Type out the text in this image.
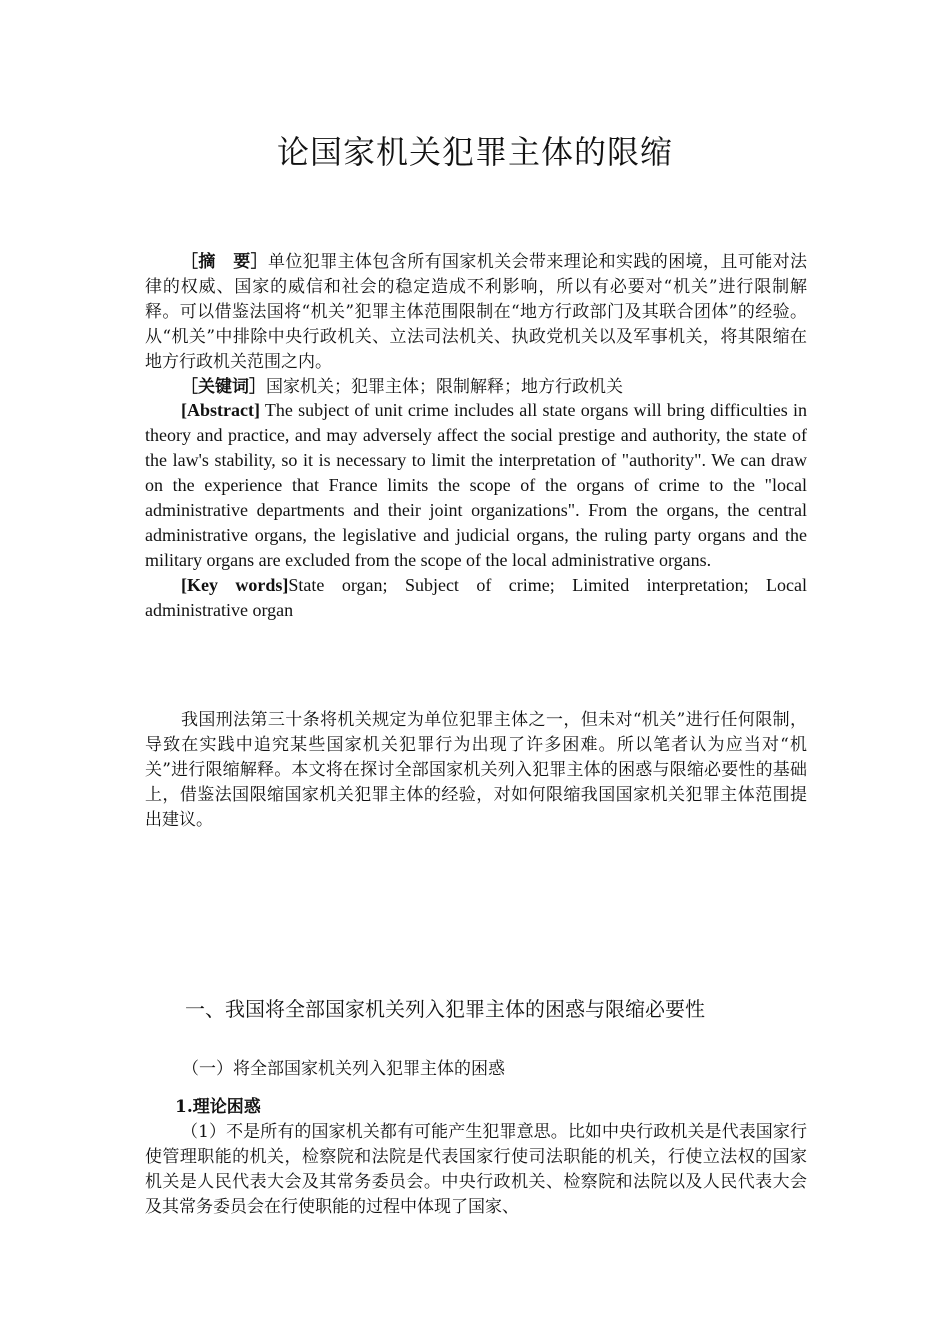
论国家机关犯罪主体的限缩

［摘　要］单位犯罪主体包含所有国家机关会带来理论和实践的困境，且可能对法律的权威、国家的威信和社会的稳定造成不利影响，所以有必要对“机关”进行限制解释。可以借鉴法国将“机关”犯罪主体范围限制在“地方行政部门及其联合团体”的经验。从“机关”中排除中央行政机关、立法司法机关、执政党机关以及军事机关，将其限缩在地方行政机关范围之内。

［关键词］国家机关；犯罪主体；限制解释；地方行政机关

[Abstract] The subject of unit crime includes all state organs will bring difficulties in theory and practice, and may adversely affect the social prestige and authority, the state of the law's stability, so it is necessary to limit the interpretation of "authority". We can draw on the experience that France limits the scope of the organs of crime to the "local administrative departments and their joint organizations". From the organs, the central administrative organs, the legislative and judicial organs, the ruling party organs and the military organs are excluded from the scope of the local administrative organs.

[Key words]State organ; Subject of crime; Limited interpretation; Local administrative organ

我国刑法第三十条将机关规定为单位犯罪主体之一，但未对“机关”进行任何限制，导致在实践中追究某些国家机关犯罪行为出现了许多困难。所以笔者认为应当对“机关”进行限缩解释。本文将在探讨全部国家机关列入犯罪主体的困惑与限缩必要性的基础上，借鉴法国限缩国家机关犯罪主体的经验，对如何限缩我国国家机关犯罪主体范围提出建议。

一、我国将全部国家机关列入犯罪主体的困惑与限缩必要性
（一）将全部国家机关列入犯罪主体的困惑
1.理论困惑

（1）不是所有的国家机关都有可能产生犯罪意思。比如中央行政机关是代表国家行使管理职能的机关，检察院和法院是代表国家行使司法职能的机关，行使立法权的国家机关是人民代表大会及其常务委员会。中央行政机关、检察院和法院以及人民代表大会及其常务委员会在行使职能的过程中体现了国家、
